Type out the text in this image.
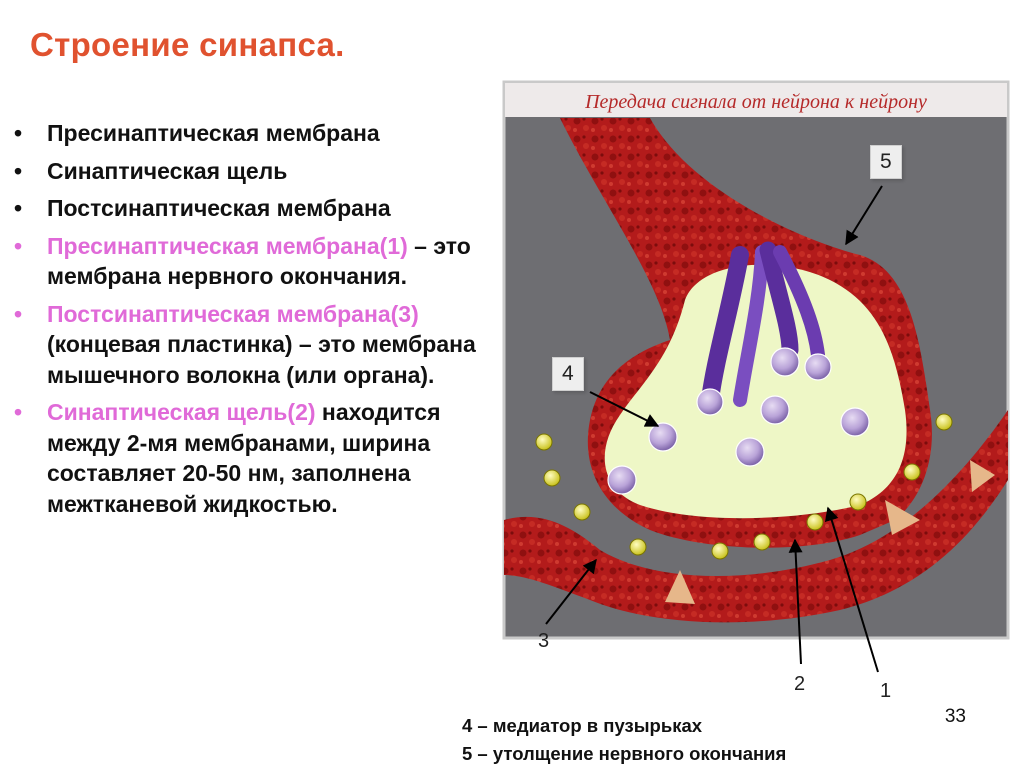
Строение синапса.
• Пресинаптическая мембрана
• Синаптическая щель
• Постсинаптическая мембрана
• Пресинаптическая мембрана(1) – это мембрана нервного окончания.
• Постсинаптическая мембрана(3) (концевая пластинка) – это мембрана мышечного волокна (или органа).
• Синаптическая щель(2) находится между 2-мя мембранами, ширина составляет 20-50 нм, заполнена межтканевой жидкостью.
Передача сигнала от нейрона к нейрону
5
4
3
2	1
4 – медиатор в пузырьках
5 – утолщение нервного окончания
33
